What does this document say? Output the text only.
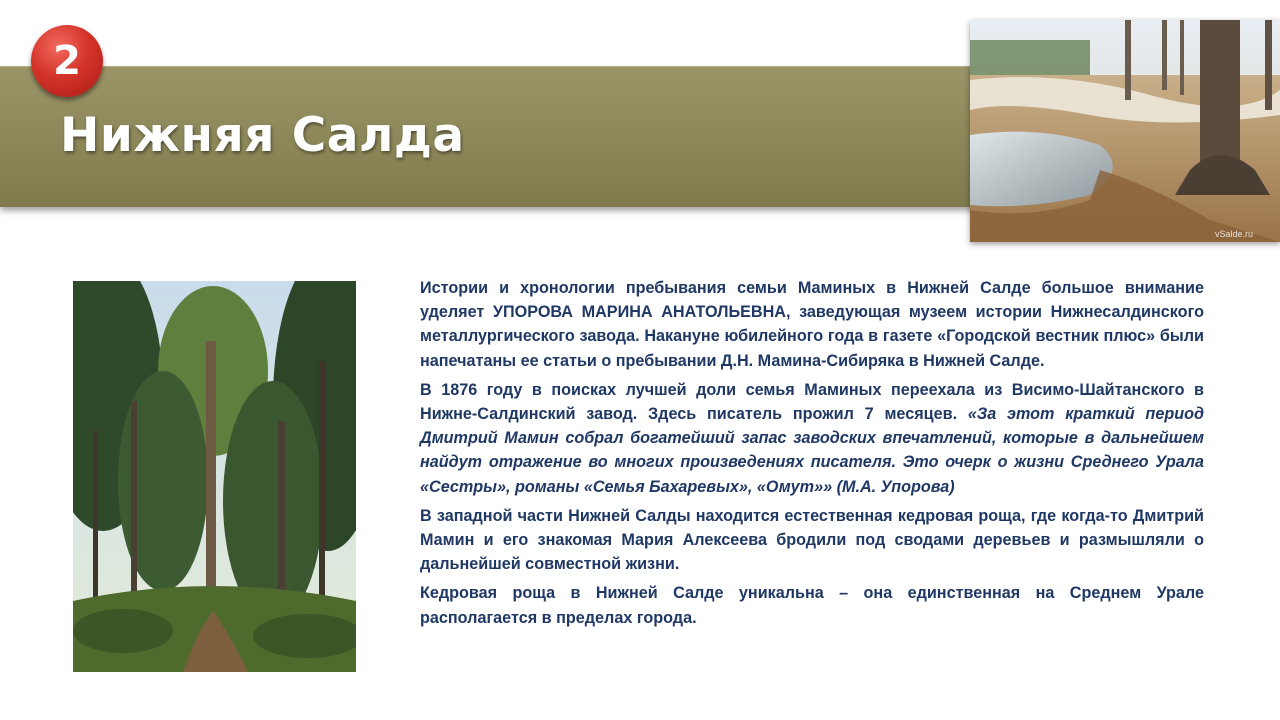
Нижняя Салда
2
vSalde.ru

Истории и хронологии пребывания семьи Маминых в Нижней Салде большое внимание уделяет УПОРОВА МАРИНА АНАТОЛЬЕВНА, заведующая музеем истории Нижнесалдинского металлургического завода. Накануне юбилейного года в газете «Городской вестник плюс» были напечатаны ее статьи о пребывании Д.Н. Мамина-Сибиряка в Нижней Салде.

В 1876 году в поисках лучшей доли семья Маминых переехала из Висимо-Шайтанского в Нижне-Салдинский завод. Здесь писатель прожил 7 месяцев. «За этот краткий период Дмитрий Мамин собрал богатейший запас заводских впечатлений, которые в дальнейшем найдут отражение во многих произведениях писателя. Это очерк о жизни Среднего Урала «Сестры», романы «Семья Бахаревых», «Омут»» (М.А. Упорова)

В западной части Нижней Салды находится естественная кедровая роща, где когда-то Дмитрий Мамин и его знакомая Мария Алексеева бродили под сводами деревьев и размышляли о дальнейшей совместной жизни.

Кедровая роща в Нижней Салде уникальна – она единственная на Среднем Урале располагается в пределах города.
